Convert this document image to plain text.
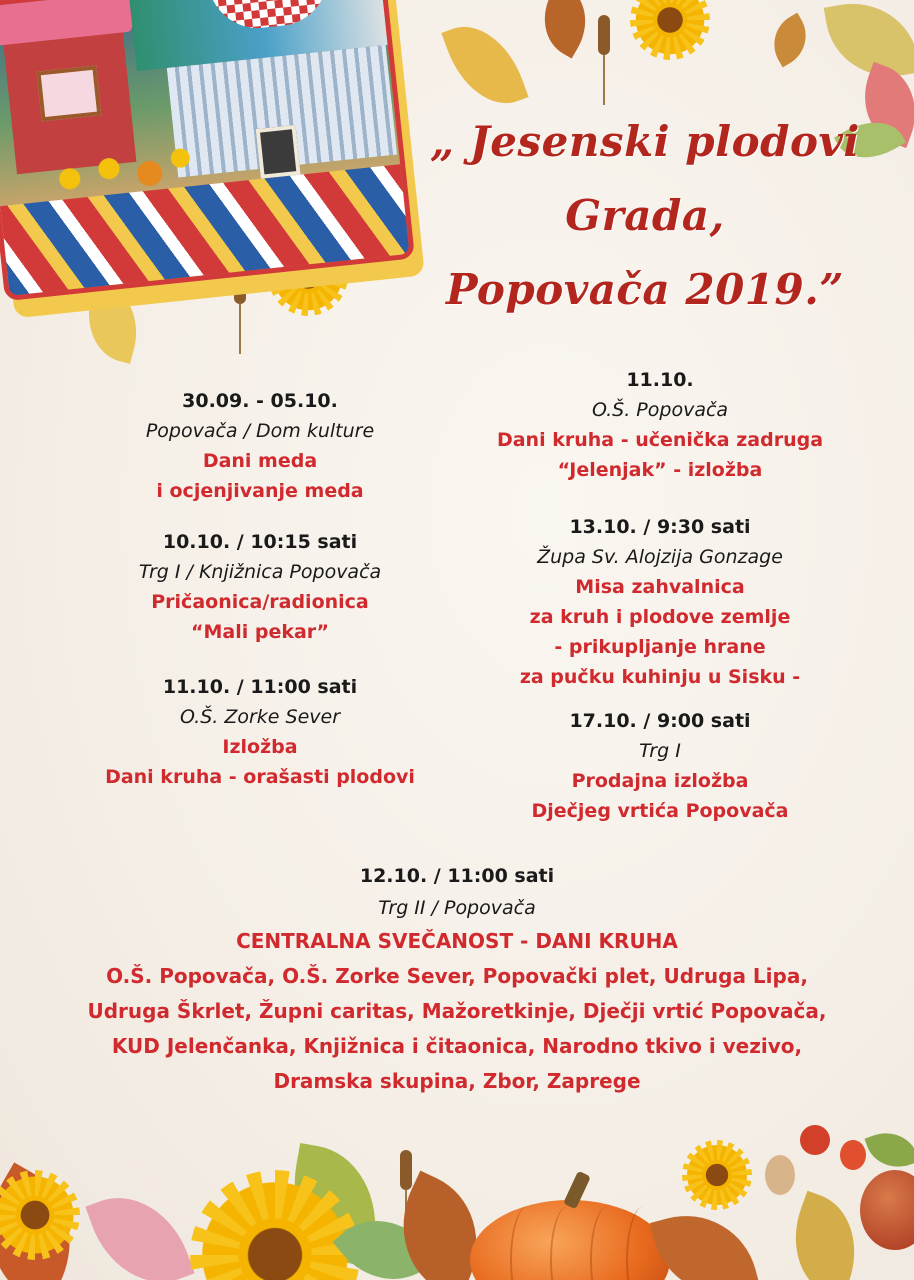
„ Jesenski plodovi
Grada,
Popovača 2019.”
30.09. - 05.10.
Popovača / Dom kulture
Dani meda
i ocjenjivanje meda
10.10. / 10:15 sati
Trg I / Knjižnica Popovača
Pričaonica/radionica
“Mali pekar”
11.10. / 11:00 sati
O.Š. Zorke Sever
Izložba
Dani kruha - orašasti plodovi
11.10.
O.Š. Popovača
Dani kruha - učenička zadruga
“Jelenjak” - izložba
13.10. / 9:30 sati
Župa Sv. Alojzija Gonzage
Misa zahvalnica
za kruh i plodove zemlje
- prikupljanje hrane
za pučku kuhinju u Sisku -
17.10. / 9:00 sati
Trg I
Prodajna izložba
Dječjeg vrtića Popovača
12.10. / 11:00 sati
Trg II / Popovača
CENTRALNA SVEČANOST - DANI KRUHA
O.Š. Popovača, O.Š. Zorke Sever, Popovački plet, Udruga Lipa,
Udruga Škrlet, Župni caritas, Mažoretkinje, Dječji vrtić Popovača,
KUD Jelenčanka, Knjižnica i čitaonica, Narodno tkivo i vezivo,
Dramska skupina, Zbor, Zaprege
